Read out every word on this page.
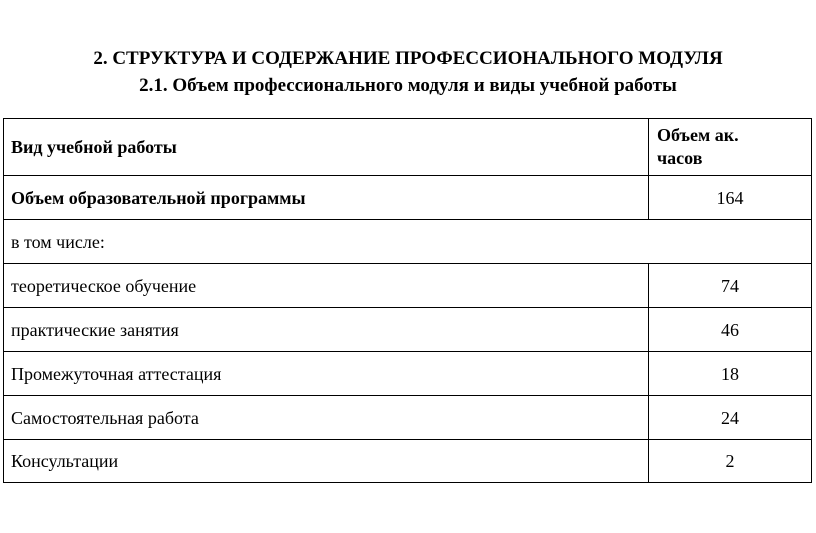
2. СТРУКТУРА И СОДЕРЖАНИЕ ПРОФЕССИОНАЛЬНОГО МОДУЛЯ
2.1. Объем профессионального модуля и виды учебной работы
Вид учебной работы	Объем ак.
часов
Объем образовательной программы	164
в том числе:	
теоретическое обучение	74
практические занятия	46
Промежуточная аттестация	18
Самостоятельная работа	24
Консультации	2
